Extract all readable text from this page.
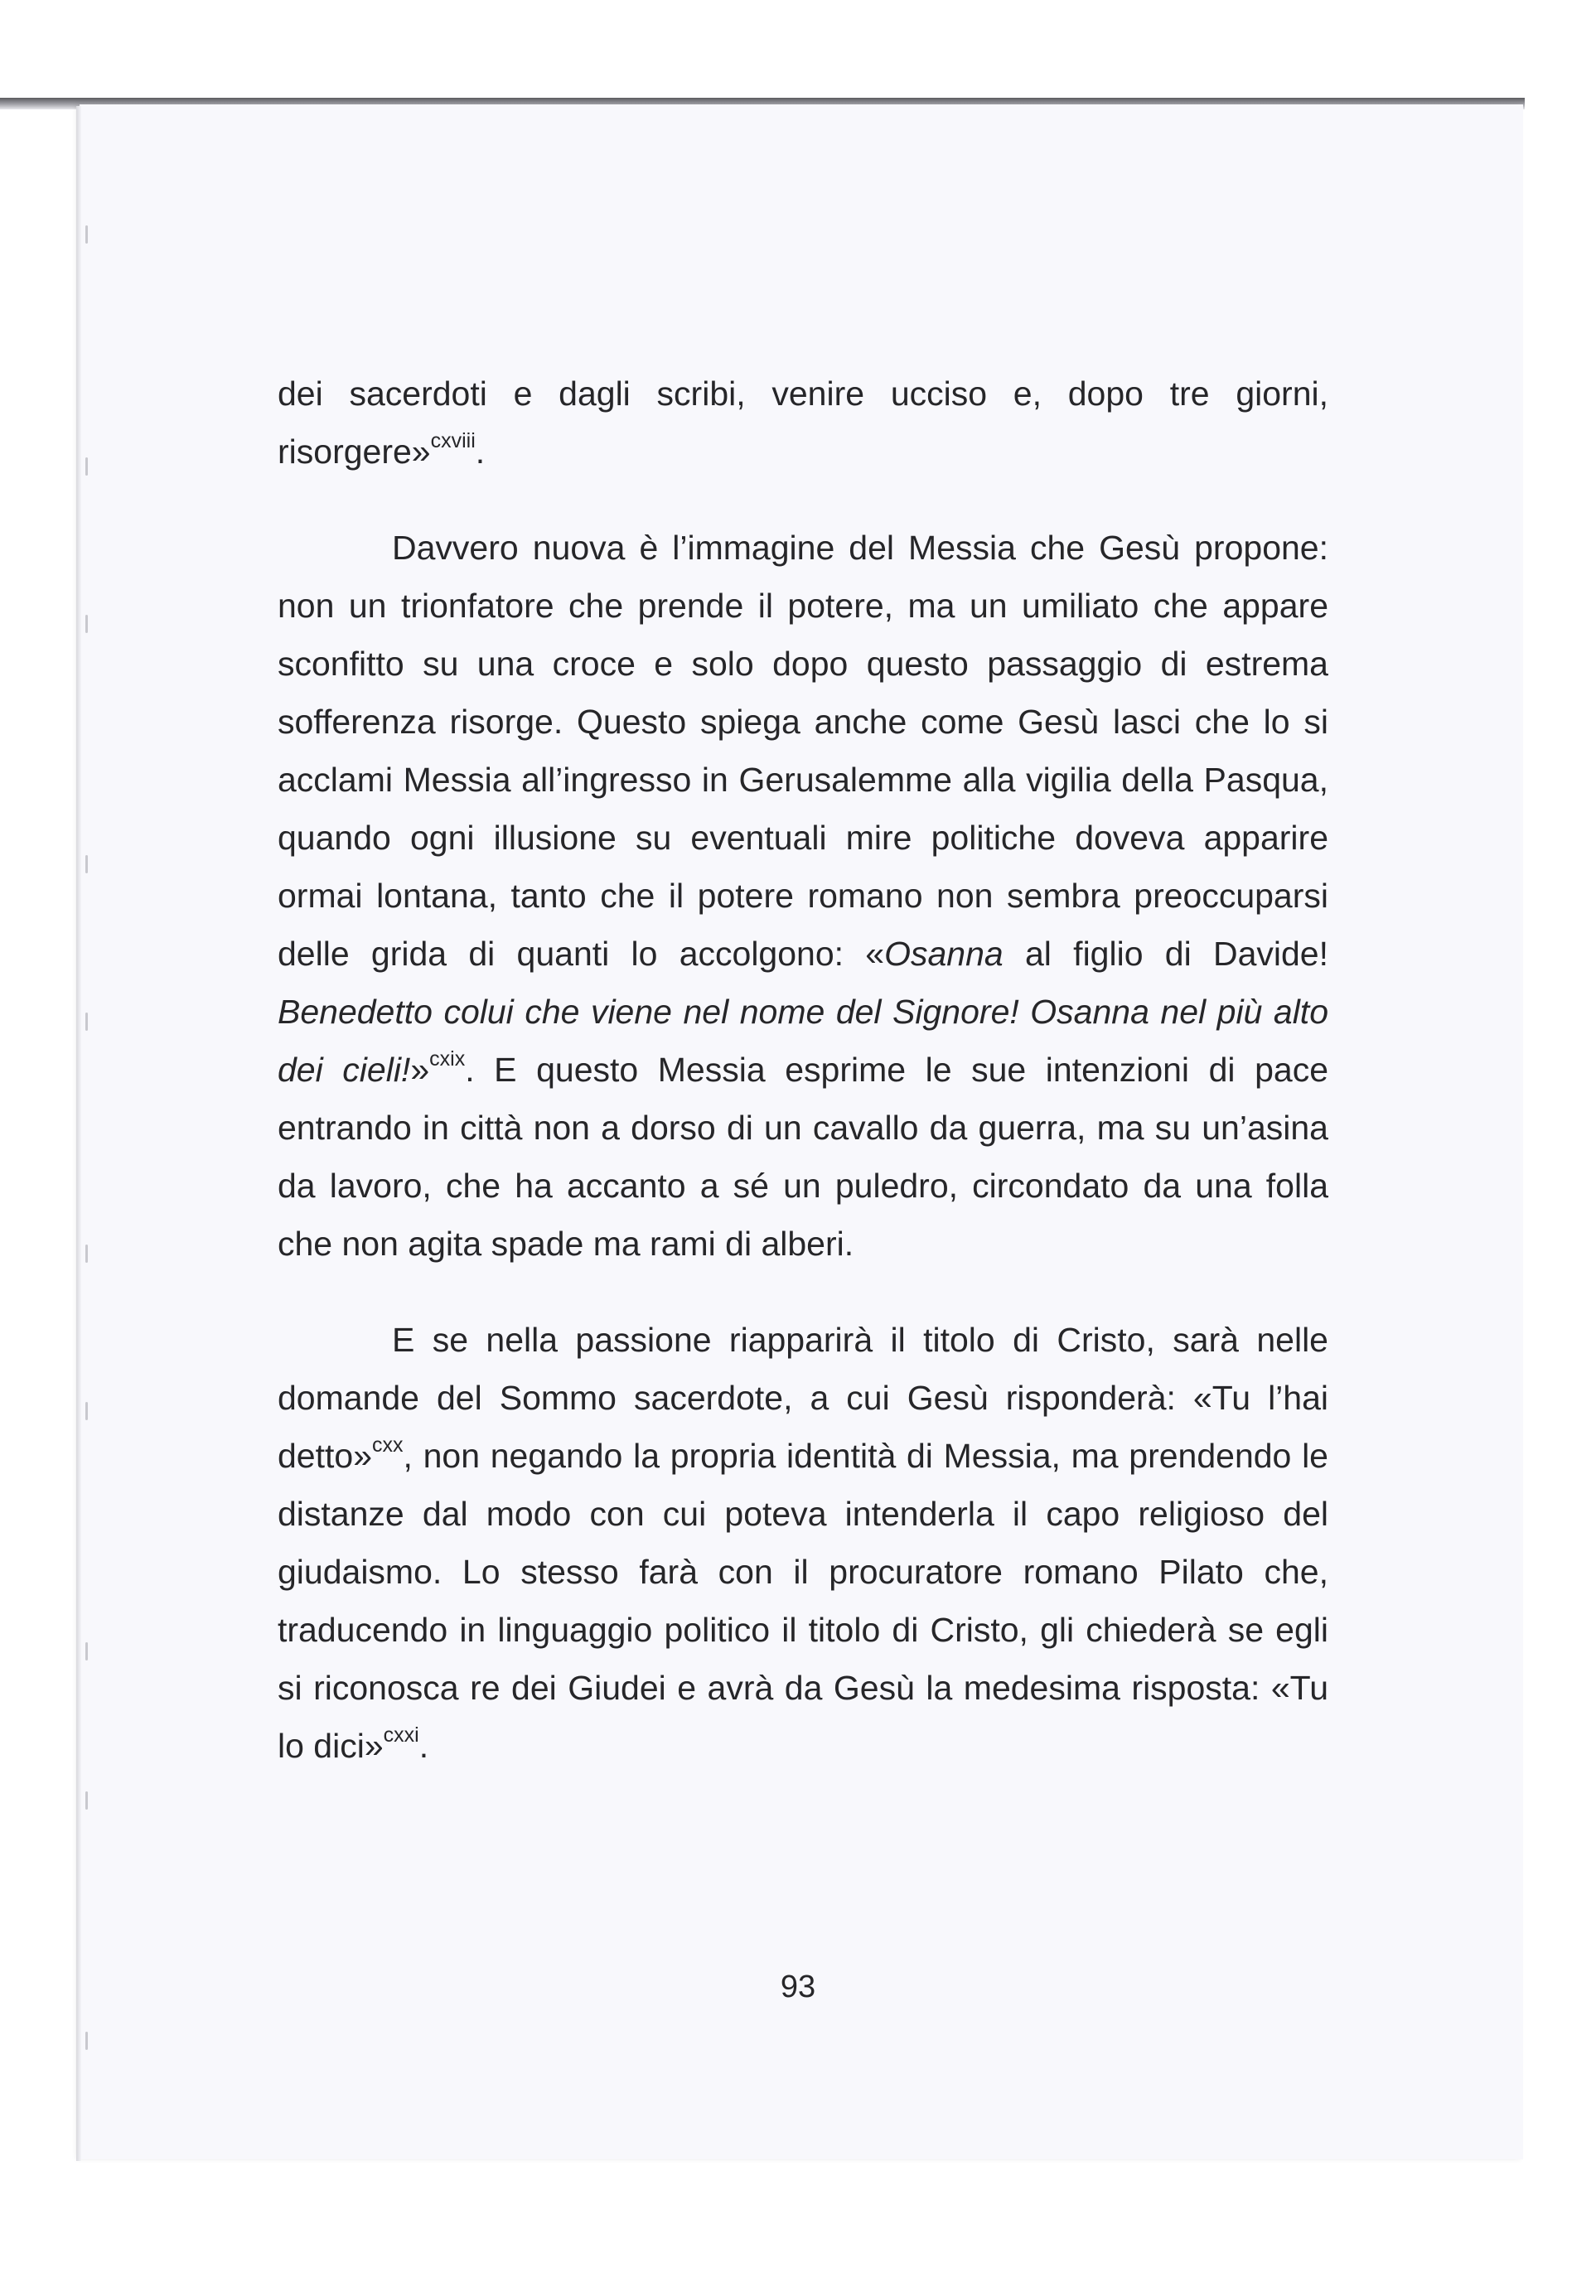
dei sacerdoti e dagli scribi, venire ucciso e, dopo tre giorni, risorgere»$^{cxviii}$.

Davvero nuova è l’immagine del Messia che Gesù propone: non un trionfatore che prende il potere, ma un umiliato che appare sconfitto su una croce e solo dopo questo passaggio di estrema sofferenza risorge. Questo spiega anche come Gesù lasci che lo si acclami Messia all’ingresso in Gerusalemme alla vigilia della Pasqua, quando ogni illusione su eventuali mire politiche doveva apparire ormai lontana, tanto che il potere romano non sembra preoccuparsi delle grida di quanti lo accolgono: «Osanna al figlio di Davide! Benedetto colui che viene nel nome del Signore! Osanna nel più alto dei cieli!»$^{cxix}$. E questo Messia esprime le sue intenzioni di pace entrando in città non a dorso di un cavallo da guerra, ma su un’asina da lavoro, che ha accanto a sé un puledro, circondato da una folla che non agita spade ma rami di alberi.

E se nella passione riapparirà il titolo di Cristo, sarà nelle domande del Sommo sacerdote, a cui Gesù risponderà: «Tu l’hai detto»$^{cxx}$, non negando la propria identità di Messia, ma prendendo le distanze dal modo con cui poteva intenderla il capo religioso del giudaismo. Lo stesso farà con il procuratore romano Pilato che, traducendo in linguaggio politico il titolo di Cristo, gli chiederà se egli si riconosca re dei Giudei e avrà da Gesù la medesima risposta: «Tu lo dici»$^{cxxi}$.

93
